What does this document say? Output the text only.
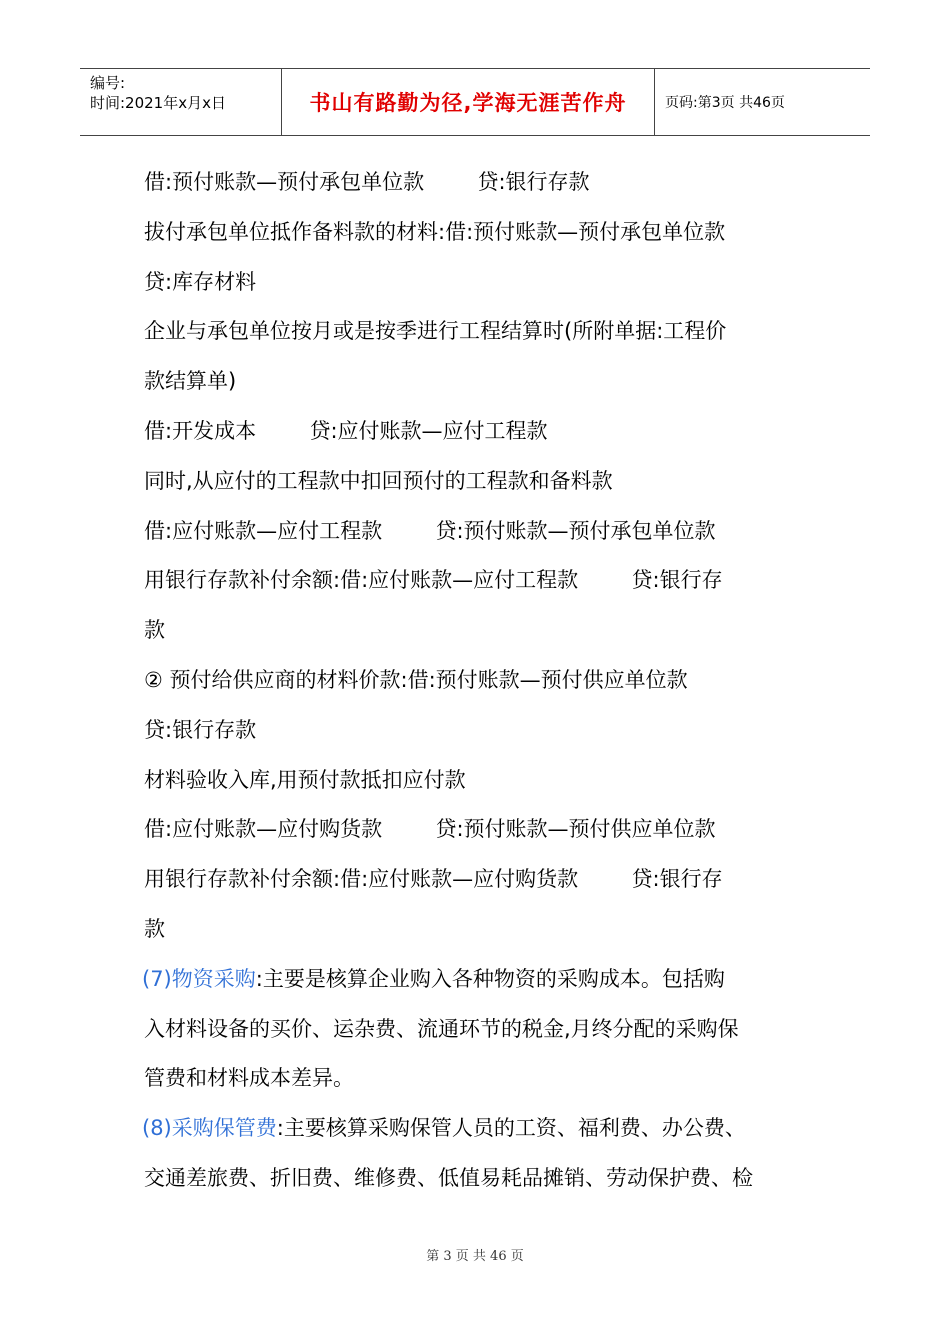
编号:
时间:2021年x月x日	书山有路勤为径,学海无涯苦作舟	页码: 第3页
共46页
借:预付账款—预付承包单位款        贷:银行存款
拔付承包单位抵作备料款的材料:借:预付账款—预付承包单位款
贷:库存材料
企业与承包单位按月或是按季进行工程结算时(所附单据:工程价
款结算单)
借:开发成本        贷:应付账款—应付工程款
同时,从应付的工程款中扣回预付的工程款和备料款
借:应付账款—应付工程款        贷:预付账款—预付承包单位款
用银行存款补付余额:借:应付账款—应付工程款        贷:银行存
款
② 预付给供应商的材料价款:借:预付账款—预付供应单位款
贷:银行存款
材料验收入库,用预付款抵扣应付款
借:应付账款—应付购货款        贷:预付账款—预付供应单位款
用银行存款补付余额:借:应付账款—应付购货款        贷:银行存
款
(7)物资采购:主要是核算企业购入各种物资的采购成本。包括购
入材料设备的买价、运杂费、流通环节的税金,月终分配的采购保
管费和材料成本差异。
(8)采购保管费:主要核算采购保管人员的工资、福利费、办公费、
交通差旅费、折旧费、维修费、低值易耗品摊销、劳动保护费、检
第 3 页 共 46 页
